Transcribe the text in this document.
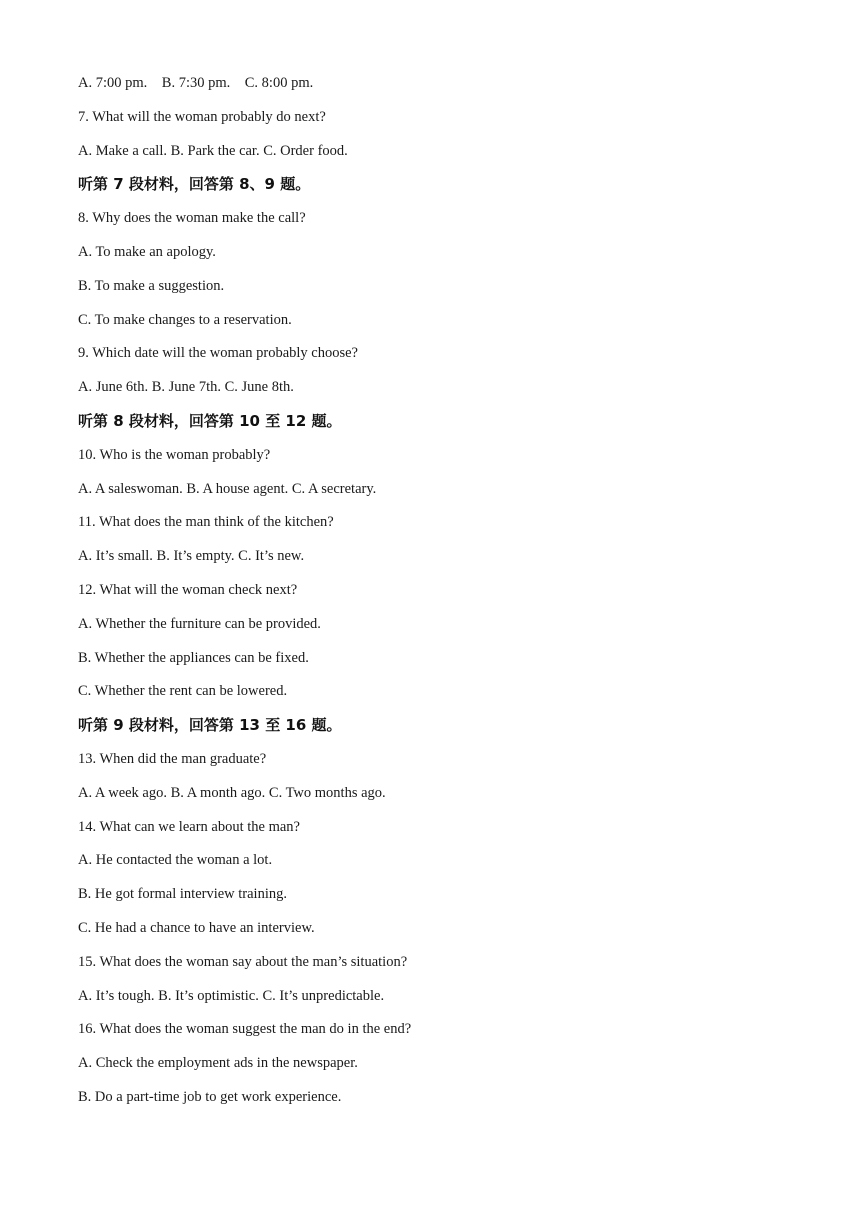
A. 7:00 pm.    B. 7:30 pm.    C. 8:00 pm.
7. What will the woman probably do next?
A. Make a call. B. Park the car. C. Order food.
听第 7 段材料，回答第 8、9 题。
8. Why does the woman make the call?
A. To make an apology.
B. To make a suggestion.
C. To make changes to a reservation.
9. Which date will the woman probably choose?
A. June 6th. B. June 7th. C. June 8th.
听第 8 段材料，回答第 10 至 12 题。
10. Who is the woman probably?
A. A saleswoman. B. A house agent. C. A secretary.
11. What does the man think of the kitchen?
A. It’s small. B. It’s empty. C. It’s new.
12. What will the woman check next?
A. Whether the furniture can be provided.
B. Whether the appliances can be fixed.
C. Whether the rent can be lowered.
听第 9 段材料，回答第 13 至 16 题。
13. When did the man graduate?
A. A week ago. B. A month ago. C. Two months ago.
14. What can we learn about the man?
A. He contacted the woman a lot.
B. He got formal interview training.
C. He had a chance to have an interview.
15. What does the woman say about the man’s situation?
A. It’s tough. B. It’s optimistic. C. It’s unpredictable.
16. What does the woman suggest the man do in the end?
A. Check the employment ads in the newspaper.
B. Do a part-time job to get work experience.
